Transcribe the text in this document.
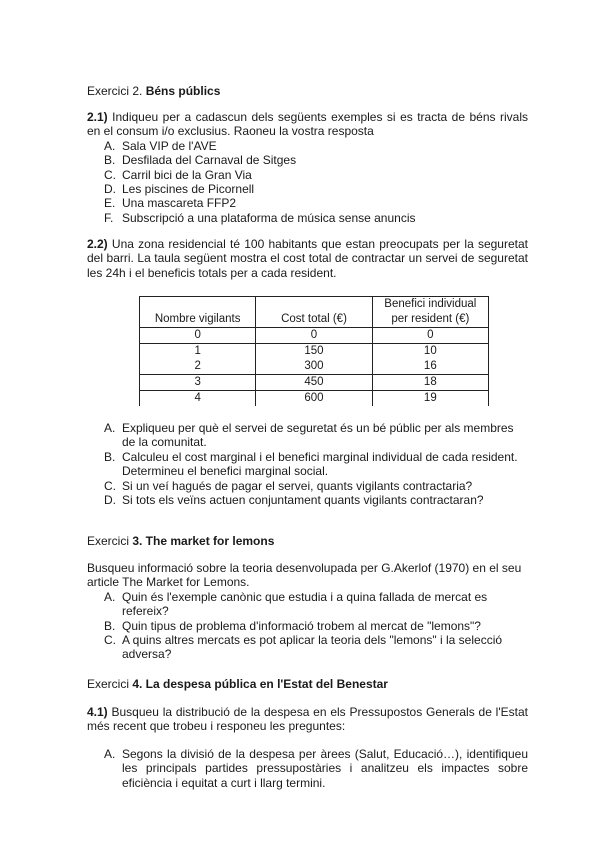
Exercici 2. Béns públics
2.1) Indiqueu per a cadascun dels següents exemples si es tracta de béns rivals en el consum i/o exclusius. Raoneu la vostra resposta
A. Sala VIP de l'AVE
B. Desfilada del Carnaval de Sitges
C. Carril bici de la Gran Via
D. Les piscines de Picornell
E. Una mascareta FFP2
F. Subscripció a una plataforma de música sense anuncis
2.2) Una zona residencial té 100 habitants que estan preocupats per la seguretat del barri. La taula següent mostra el cost total de contractar un servei de seguretat les 24h i el beneficis totals per a cada resident.
Nombre vigilants	Cost total (€)	Benefici individual per resident (€)
0	0	0
1	150	10
2	300	16
3	450	18
4	600	19
A. Expliqueu per què el servei de seguretat és un bé públic per als membres de la comunitat.
B. Calculeu el cost marginal i el benefici marginal individual de cada resident. Determineu el benefici marginal social.
C. Si un veí hagués de pagar el servei, quants vigilants contractaria?
D. Si tots els veïns actuen conjuntament quants vigilants contractaran?
Exercici 3. The market for lemons
Busqueu informació sobre la teoria desenvolupada per G.Akerlof (1970) en el seu article The Market for Lemons.
A. Quin és l'exemple canònic que estudia i a quina fallada de mercat es refereix?
B. Quin tipus de problema d'informació trobem al mercat de "lemons"?
C. A quins altres mercats es pot aplicar la teoria dels "lemons" i la selecció adversa?
Exercici 4. La despesa pública en l'Estat del Benestar
4.1) Busqueu la distribució de la despesa en els Pressupostos Generals de l'Estat més recent que trobeu i responeu les preguntes:
A. Segons la divisió de la despesa per àrees (Salut, Educació…), identifiqueu les principals partides pressupostàries i analitzeu els impactes sobre eficiència i equitat a curt i llarg termini.
